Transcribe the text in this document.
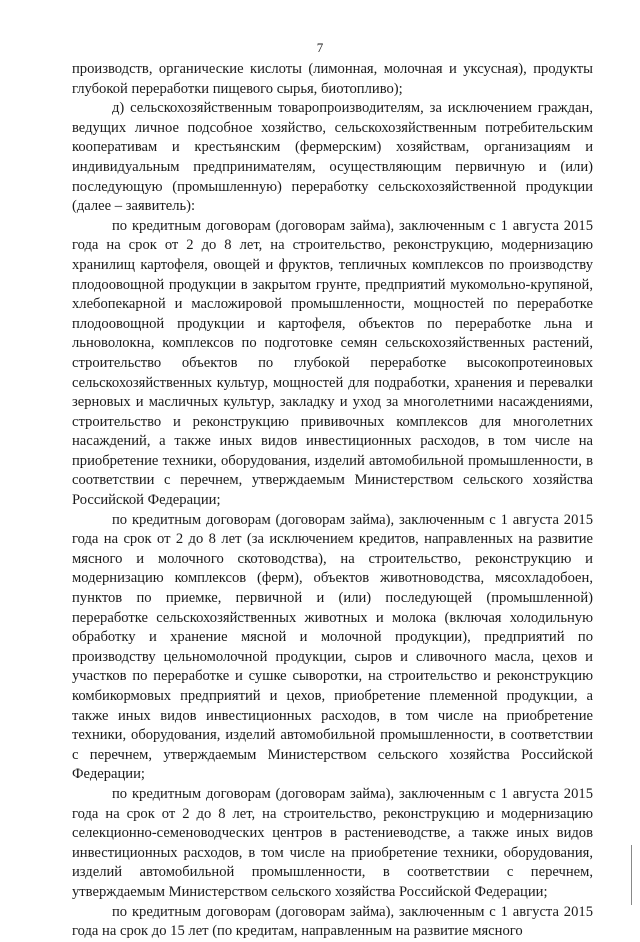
7

производств, органические кислоты (лимонная, молочная и уксусная), продукты глубокой переработки пищевого сырья, биотопливо);

д) сельскохозяйственным товаропроизводителям, за исключением граждан, ведущих личное подсобное хозяйство, сельскохозяйственным потребительским кооперативам и крестьянским (фермерским) хозяйствам, организациям и индивидуальным предпринимателям, осуществляющим первичную и (или) последующую (промышленную) переработку сельскохозяйственной продукции (далее – заявитель):

по кредитным договорам (договорам займа), заключенным с 1 августа 2015 года на срок от 2 до 8 лет, на строительство, реконструкцию, модернизацию хранилищ картофеля, овощей и фруктов, тепличных комплексов по производству плодоовощной продукции в закрытом грунте, предприятий мукомольно-крупяной, хлебопекарной и масложировой промышленности, мощностей по переработке плодоовощной продукции и картофеля, объектов по переработке льна и льноволокна, комплексов по подготовке семян сельскохозяйственных растений, строительство объектов по глубокой переработке высокопротеиновых сельскохозяйственных культур, мощностей для подработки, хранения и перевалки зерновых и масличных культур, закладку и уход за многолетними насаждениями, строительство и реконструкцию прививочных комплексов для многолетних насаждений, а также иных видов инвестиционных расходов, в том числе на приобретение техники, оборудования, изделий автомобильной промышленности, в соответствии с перечнем, утверждаемым Министерством сельского хозяйства Российской Федерации;

по кредитным договорам (договорам займа), заключенным с 1 августа 2015 года на срок от 2 до 8 лет (за исключением кредитов, направленных на развитие мясного и молочного скотоводства), на строительство, реконструкцию и модернизацию комплексов (ферм), объектов животноводства, мясохладобоен, пунктов по приемке, первичной и (или) последующей (промышленной) переработке сельскохозяйственных животных и молока (включая холодильную обработку и хранение мясной и молочной продукции), предприятий по производству цельномолочной продукции, сыров и сливочного масла, цехов и участков по переработке и сушке сыворотки, на строительство и реконструкцию комбикормовых предприятий и цехов, приобретение племенной продукции, а также иных видов инвестиционных расходов, в том числе на приобретение техники, оборудования, изделий автомобильной промышленности, в соответствии с перечнем, утверждаемым Министерством сельского хозяйства Российской Федерации;

по кредитным договорам (договорам займа), заключенным с 1 августа 2015 года на срок от 2 до 8 лет, на строительство, реконструкцию и модернизацию селекционно-семеноводческих центров в растениеводстве, а также иных видов инвестиционных расходов, в том числе на приобретение техники, оборудования, изделий автомобильной промышленности, в соответствии с перечнем, утверждаемым Министерством сельского хозяйства Российской Федерации;

по кредитным договорам (договорам займа), заключенным с 1 августа 2015 года на срок до 15 лет (по кредитам, направленным на развитие мясного
